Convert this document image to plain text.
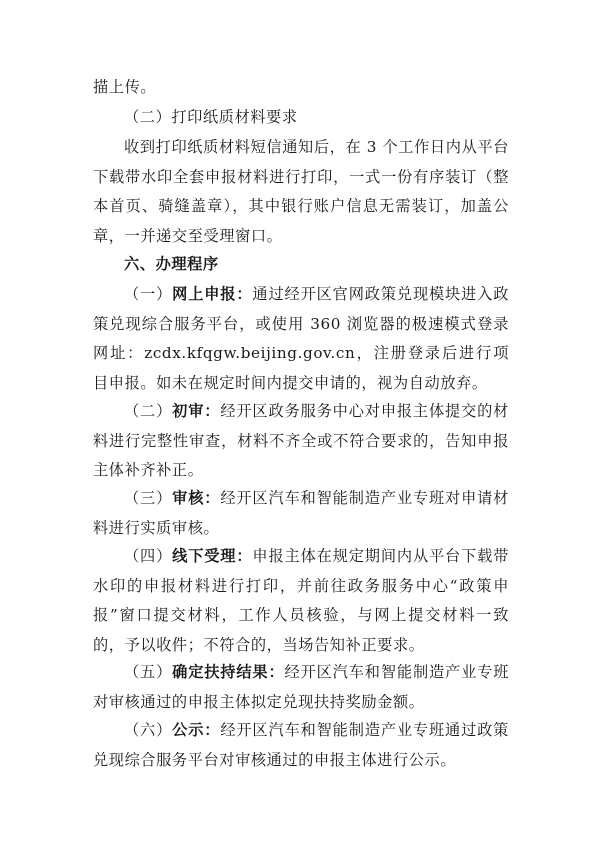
描上传。

（二）打印纸质材料要求

收到打印纸质材料短信通知后，在 3 个工作日内从平台下载带水印全套申报材料进行打印，一式一份有序装订（整本首页、骑缝盖章），其中银行账户信息无需装订，加盖公章，一并递交至受理窗口。

六、办理程序

（一）网上申报：通过经开区官网政策兑现模块进入政策兑现综合服务平台，或使用 360 浏览器的极速模式登录网址：zcdx.kfqgw.beijing.gov.cn，注册登录后进行项目申报。如未在规定时间内提交申请的，视为自动放弃。

（二）初审：经开区政务服务中心对申报主体提交的材料进行完整性审查，材料不齐全或不符合要求的，告知申报主体补齐补正。

（三）审核：经开区汽车和智能制造产业专班对申请材料进行实质审核。

（四）线下受理：申报主体在规定期间内从平台下载带水印的申报材料进行打印，并前往政务服务中心“政策申报”窗口提交材料，工作人员核验，与网上提交材料一致的，予以收件；不符合的，当场告知补正要求。

（五）确定扶持结果：经开区汽车和智能制造产业专班对审核通过的申报主体拟定兑现扶持奖励金额。

（六）公示：经开区汽车和智能制造产业专班通过政策兑现综合服务平台对审核通过的申报主体进行公示。
